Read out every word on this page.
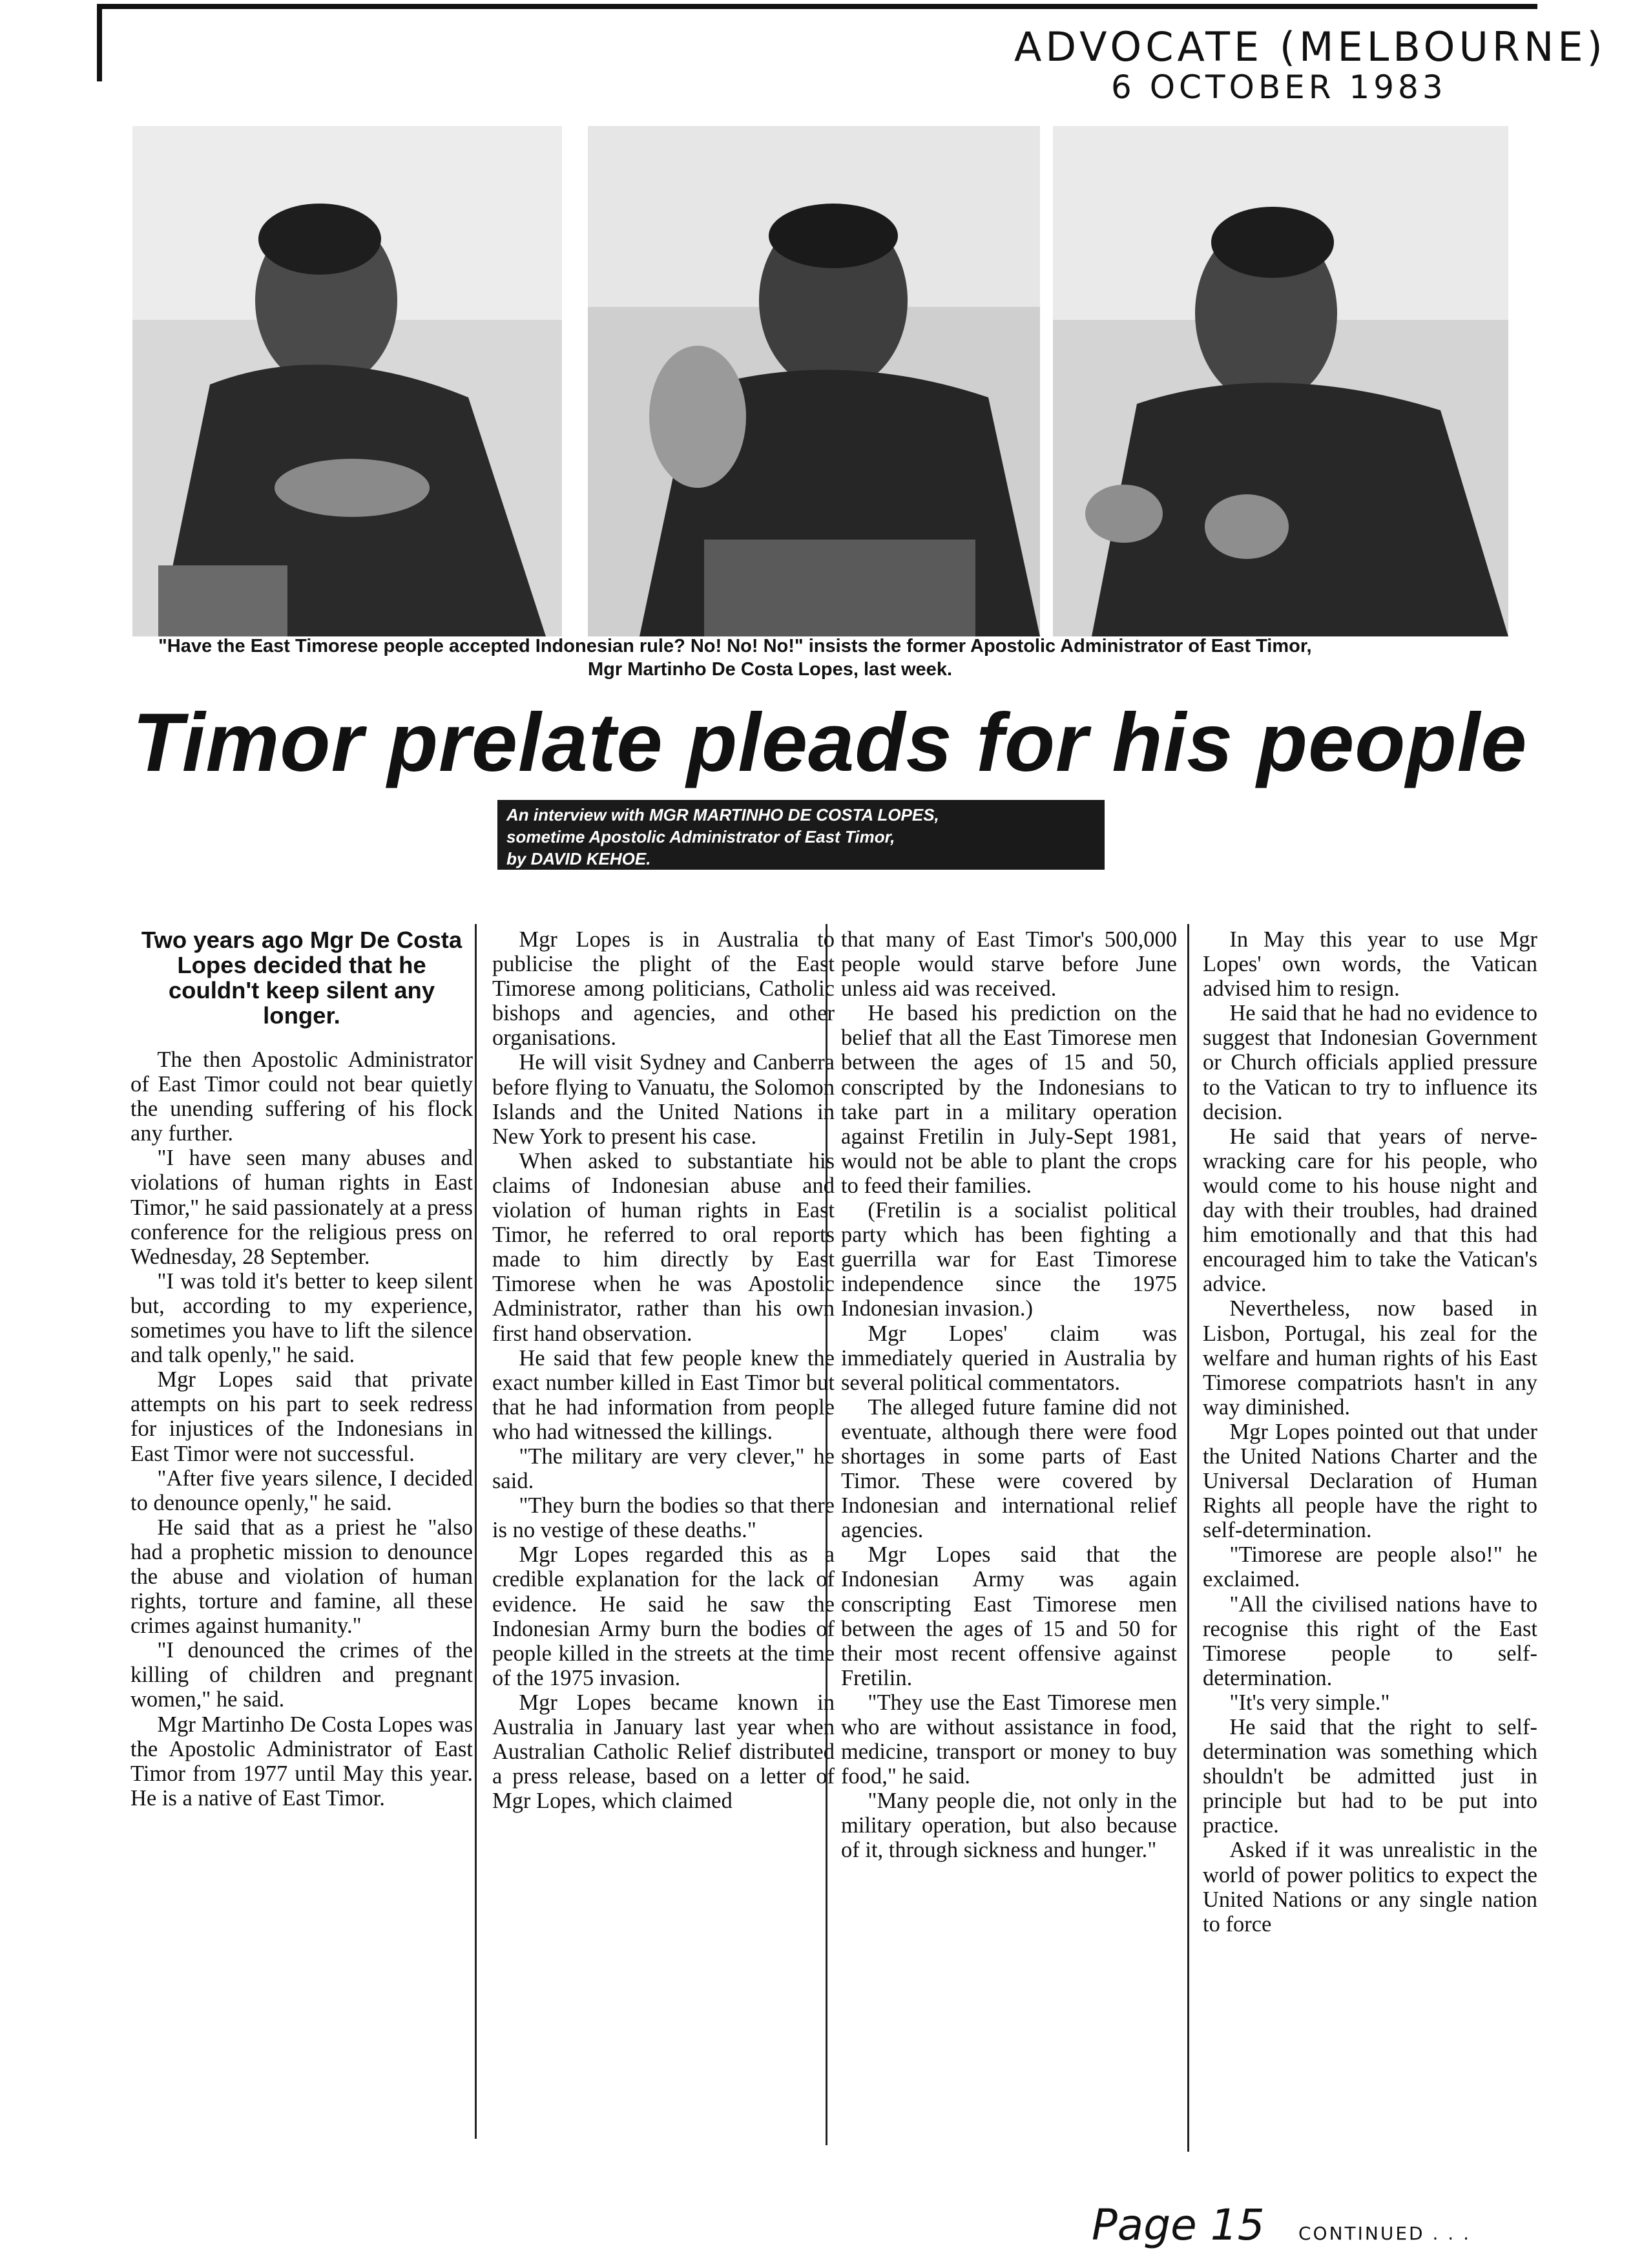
ADVOCATE (MELBOURNE)
6 OCTOBER 1983
"Have the East Timorese people accepted Indonesian rule? No! No! No!" insists the former Apostolic Administrator of East Timor,
Mgr Martinho De Costa Lopes, last week.
Timor prelate pleads for his people
An interview with MGR MARTINHO DE COSTA LOPES,
sometime Apostolic Administrator of East Timor,
by DAVID KEHOE.

Two years ago Mgr De Costa Lopes decided that he couldn't keep silent any longer.

The then Apostolic Administrator of East Timor could not bear quietly the unending suffering of his flock any further.

"I have seen many abuses and violations of human rights in East Timor," he said passionately at a press conference for the religious press on Wednesday, 28 September.

"I was told it's better to keep silent but, according to my experience, sometimes you have to lift the silence and talk openly," he said.

Mgr Lopes said that private attempts on his part to seek redress for injustices of the Indonesians in East Timor were not successful.

"After five years silence, I decided to denounce openly," he said.

He said that as a priest he "also had a prophetic mission to denounce the abuse and violation of human rights, torture and famine, all these crimes against humanity."

"I denounced the crimes of the killing of children and pregnant women," he said.

Mgr Martinho De Costa Lopes was the Apostolic Administrator of East Timor from 1977 until May this year. He is a native of East Timor.

Mgr Lopes is in Australia to publicise the plight of the East Timorese among politicians, Catholic bishops and agencies, and other organisations.

He will visit Sydney and Canberra before flying to Vanuatu, the Solomon Islands and the United Nations in New York to present his case.

When asked to substantiate his claims of Indonesian abuse and violation of human rights in East Timor, he referred to oral reports made to him directly by East Timorese when he was Apostolic Administrator, rather than his own first hand observation.

He said that few people knew the exact number killed in East Timor but that he had information from people who had witnessed the killings.

"The military are very clever," he said.

"They burn the bodies so that there is no vestige of these deaths."

Mgr Lopes regarded this as a credible explanation for the lack of evidence. He said he saw the Indonesian Army burn the bodies of people killed in the streets at the time of the 1975 invasion.

Mgr Lopes became known in Australia in January last year when Australian Catholic Relief distributed a press release, based on a letter of Mgr Lopes, which claimed

that many of East Timor's 500,000 people would starve before June unless aid was received.

He based his prediction on the belief that all the East Timorese men between the ages of 15 and 50, conscripted by the Indonesians to take part in a military operation against Fretilin in July-Sept 1981, would not be able to plant the crops to feed their families.

(Fretilin is a socialist political party which has been fighting a guerrilla war for East Timorese independence since the 1975 Indonesian invasion.)

Mgr Lopes' claim was immediately queried in Australia by several political commentators.

The alleged future famine did not eventuate, although there were food shortages in some parts of East Timor. These were covered by Indonesian and international relief agencies.

Mgr Lopes said that the Indonesian Army was again conscripting East Timorese men between the ages of 15 and 50 for their most recent offensive against Fretilin.

"They use the East Timorese men who are without assistance in food, medicine, transport or money to buy food," he said.

"Many people die, not only in the military operation, but also because of it, through sickness and hunger."

In May this year to use Mgr Lopes' own words, the Vatican advised him to resign.

He said that he had no evidence to suggest that Indonesian Government or Church officials applied pressure to the Vatican to try to influence its decision.

He said that years of nerve-wracking care for his people, who would come to his house night and day with their troubles, had drained him emotionally and that this had encouraged him to take the Vatican's advice.

Nevertheless, now based in Lisbon, Portugal, his zeal for the welfare and human rights of his East Timorese compatriots hasn't in any way diminished.

Mgr Lopes pointed out that under the United Nations Charter and the Universal Declaration of Human Rights all people have the right to self-determination.

"Timorese are people also!" he exclaimed.

"All the civilised nations have to recognise this right of the East Timorese people to self-determination.

"It's very simple."

He said that the right to self-determination was something which shouldn't be admitted just in principle but had to be put into practice.

Asked if it was unrealistic in the world of power politics to expect the United Nations or any single nation to force

Page 15 CONTINUED . . .
